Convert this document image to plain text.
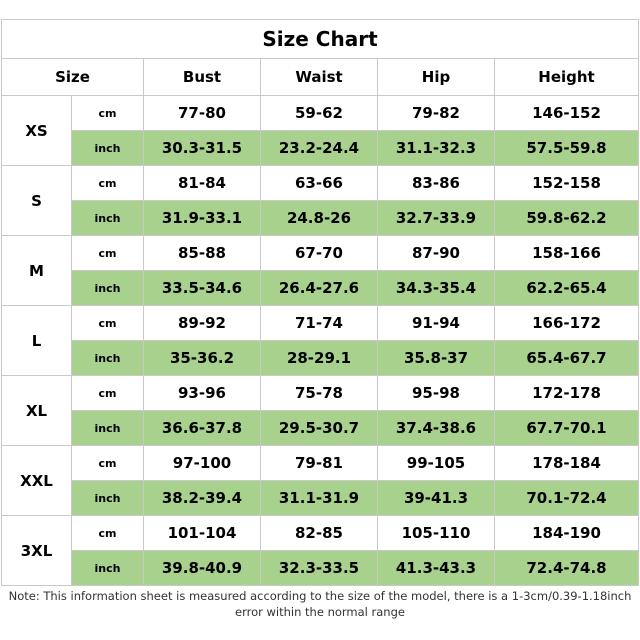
Size Chart					
Size		Bust	Waist	Hip	Height
XS	cm	77-80	59-62	79-82	146-152
	inch	30.3-31.5	23.2-24.4	31.1-32.3	57.5-59.8
S	cm	81-84	63-66	83-86	152-158
	inch	31.9-33.1	24.8-26	32.7-33.9	59.8-62.2
M	cm	85-88	67-70	87-90	158-166
	inch	33.5-34.6	26.4-27.6	34.3-35.4	62.2-65.4
L	cm	89-92	71-74	91-94	166-172
	inch	35-36.2	28-29.1	35.8-37	65.4-67.7
XL	cm	93-96	75-78	95-98	172-178
	inch	36.6-37.8	29.5-30.7	37.4-38.6	67.7-70.1
XXL	cm	97-100	79-81	99-105	178-184
	inch	38.2-39.4	31.1-31.9	39-41.3	70.1-72.4
3XL	cm	101-104	82-85	105-110	184-190
	inch	39.8-40.9	32.3-33.5	41.3-43.3	72.4-74.8
Note: This information sheet is measured according to the size of the model, there is a 1-3cm/0.39-1.18inch error within the normal range
